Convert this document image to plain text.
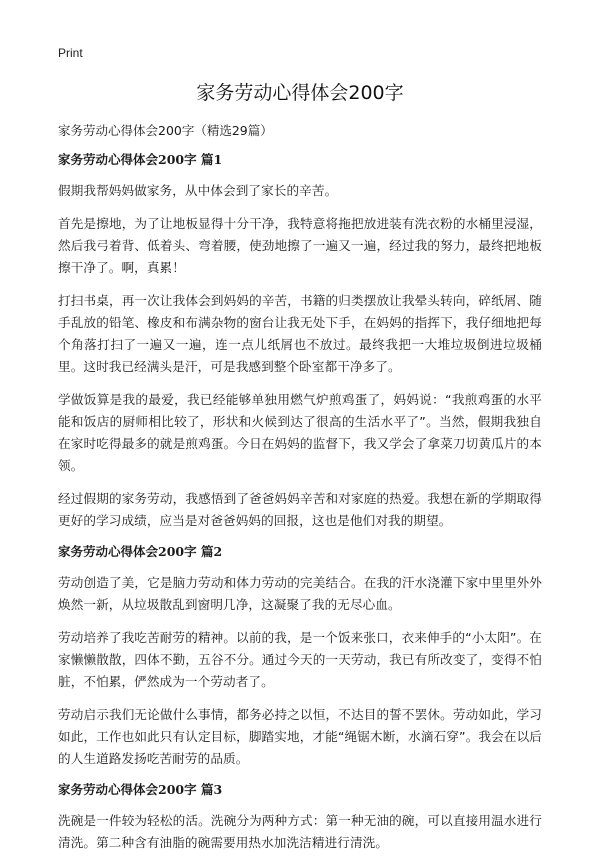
Print
家务劳动心得体会200字

家务劳动心得体会200字（精选29篇）

家务劳动心得体会200字 篇1

假期我帮妈妈做家务，从中体会到了家长的辛苦。

首先是擦地，为了让地板显得十分干净，我特意将拖把放进装有洗衣粉的水桶里浸湿，然后我弓着背、低着头、弯着腰，使劲地擦了一遍又一遍，经过我的努力，最终把地板擦干净了。啊，真累！

打扫书桌，再一次让我体会到妈妈的辛苦，书籍的归类摆放让我晕头转向，碎纸屑、随手乱放的铅笔、橡皮和布满杂物的窗台让我无处下手，在妈妈的指挥下，我仔细地把每个角落打扫了一遍又一遍，连一点儿纸屑也不放过。最终我把一大堆垃圾倒进垃圾桶里。这时我已经满头是汗，可是我感到整个卧室都干净多了。

学做饭算是我的最爱，我已经能够单独用燃气炉煎鸡蛋了，妈妈说：“我煎鸡蛋的水平能和饭店的厨师相比较了，形状和火候到达了很高的生活水平了”。当然，假期我独自在家时吃得最多的就是煎鸡蛋。今日在妈妈的监督下，我又学会了拿菜刀切黄瓜片的本领。

经过假期的家务劳动，我感悟到了爸爸妈妈辛苦和对家庭的热爱。我想在新的学期取得更好的学习成绩，应当是对爸爸妈妈的回报，这也是他们对我的期望。

家务劳动心得体会200字 篇2

劳动创造了美，它是脑力劳动和体力劳动的完美结合。在我的汗水浇灌下家中里里外外焕然一新，从垃圾散乱到窗明几净，这凝聚了我的无尽心血。

劳动培养了我吃苦耐劳的精神。以前的我，是一个饭来张口，衣来伸手的“小太阳”。在家懒懒散散，四体不勤，五谷不分。通过今天的一天劳动，我已有所改变了，变得不怕脏，不怕累，俨然成为一个劳动者了。

劳动启示我们无论做什么事情，都务必持之以恒，不达目的誓不罢休。劳动如此，学习如此，工作也如此只有认定目标，脚踏实地，才能“绳锯木断，水滴石穿”。我会在以后的人生道路发扬吃苦耐劳的品质。

家务劳动心得体会200字 篇3

洗碗是一件较为轻松的活。洗碗分为两种方式：第一种无油的碗，可以直接用温水进行清洗。第二种含有油脂的碗需要用热水加洗洁精进行清洗。
